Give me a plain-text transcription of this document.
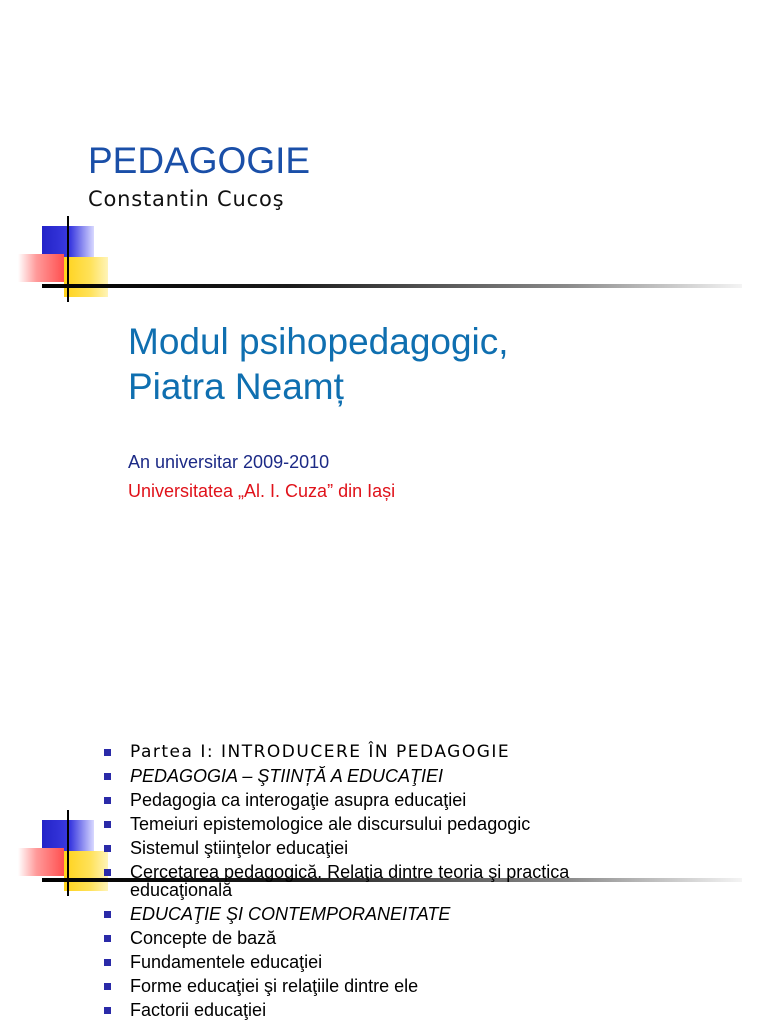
PEDAGOGIE
Constantin Cucoş
Modul psihopedagogic,
Piatra Neamț
An universitar 2009-2010
Universitatea „Al. I. Cuza” din Iași
Partea I: INTRODUCERE ÎN PEDAGOGIE
PEDAGOGIA – ŞTIINȚĂ A EDUCAŢIEI
Pedagogia ca interogaţie asupra educaţiei
Temeiuri epistemologice ale discursului pedagogic
Sistemul ştiinţelor educaţiei
Cercetarea pedagogică. Relaţia dintre teoria şi practica educaţională
EDUCAŢIE ŞI CONTEMPORANEITATE
Concepte de bază
Fundamentele educaţiei
Forme educaţiei şi relaţiile dintre ele
Factorii educaţiei
